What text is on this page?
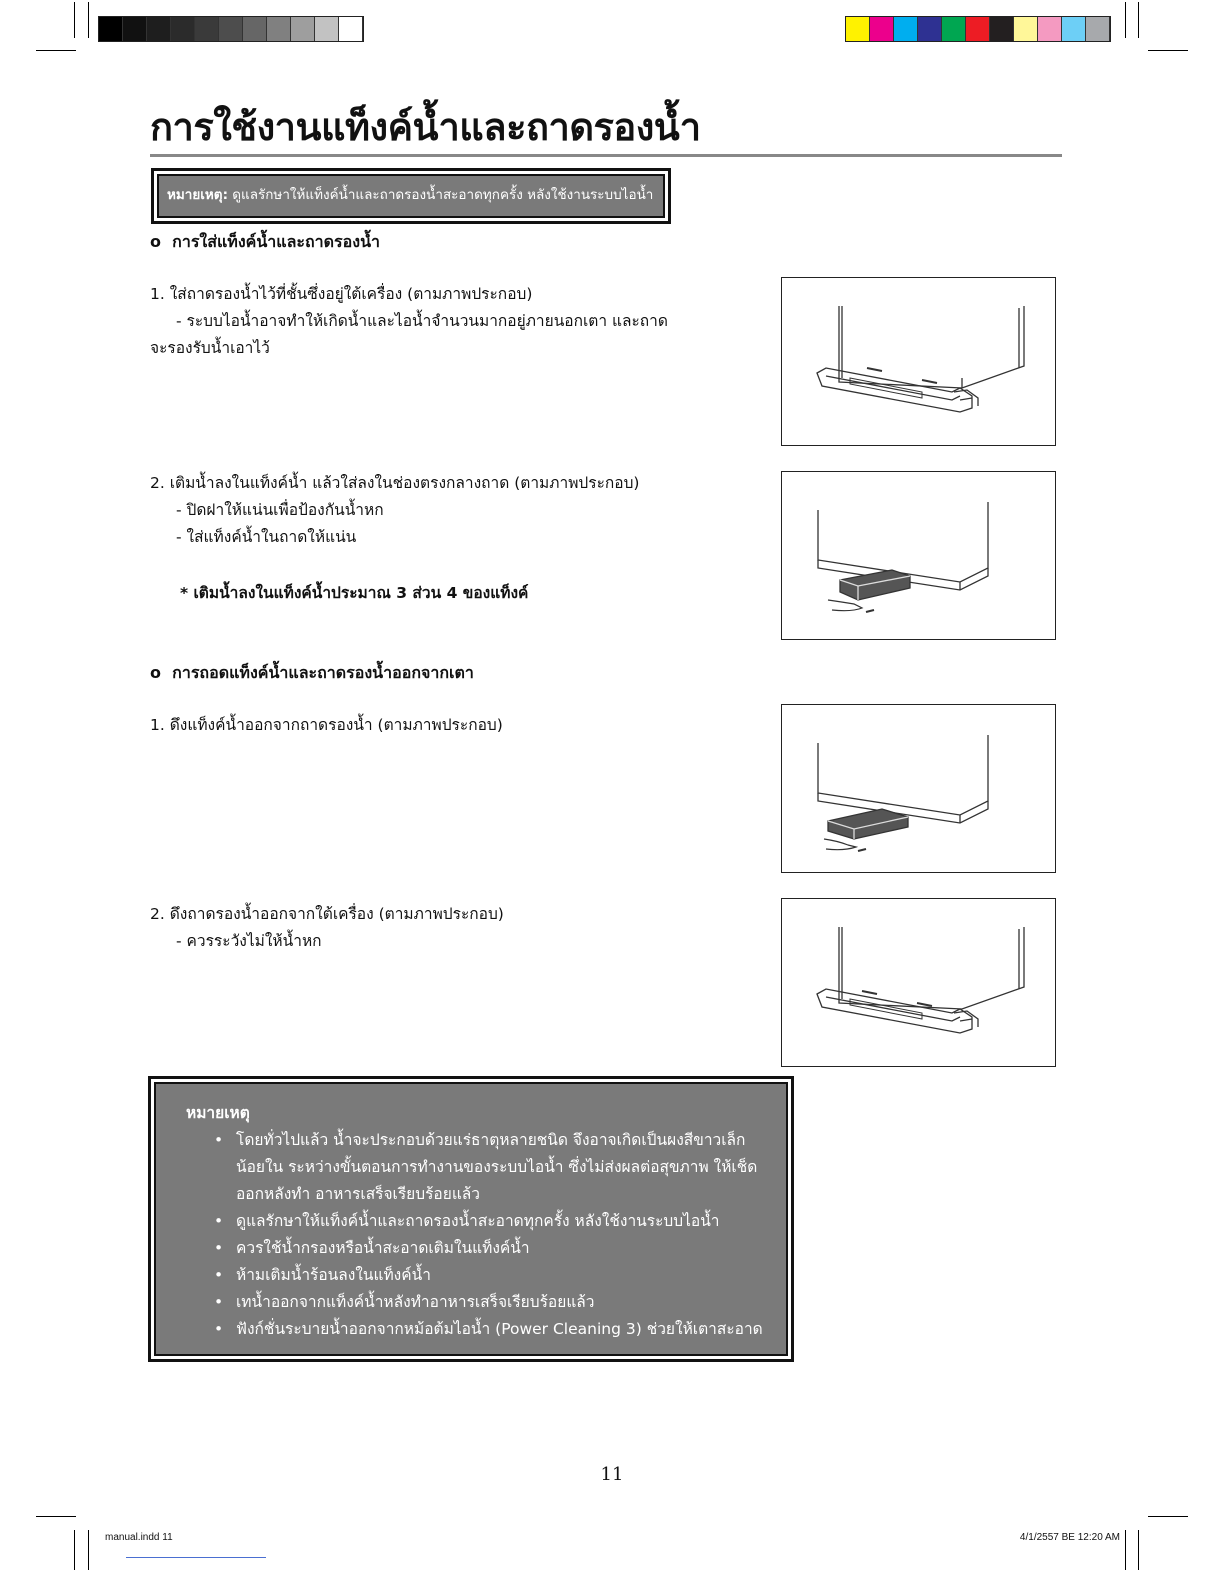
การใช้งานแท็งค์น้ำและถาดรองน้ำ
หมายเหตุ: ดูแลรักษาให้แท็งค์น้ำและถาดรองน้ำสะอาดทุกครั้ง หลังใช้งานระบบไอน้ำ
o  การใส่แท็งค์น้ำและถาดรองน้ำ
1. ใส่ถาดรองน้ำไว้ที่ชั้นซึ่งอยู่ใต้เครื่อง (ตามภาพประกอบ)
- ระบบไอน้ำอาจทำให้เกิดน้ำและไอน้ำจำนวนมากอยู่ภายนอกเตา และถาด
จะรองรับน้ำเอาไว้
2. เติมน้ำลงในแท็งค์น้ำ แล้วใส่ลงในช่องตรงกลางถาด (ตามภาพประกอบ)
- ปิดฝาให้แน่นเพื่อป้องกันน้ำหก
- ใส่แท็งค์น้ำในถาดให้แน่น
* เติมน้ำลงในแท็งค์น้ำประมาณ 3 ส่วน 4 ของแท็งค์
o  การถอดแท็งค์น้ำและถาดรองน้ำออกจากเตา
1. ดึงแท็งค์น้ำออกจากถาดรองน้ำ (ตามภาพประกอบ)
2. ดึงถาดรองน้ำออกจากใต้เครื่อง (ตามภาพประกอบ)
- ควรระวังไม่ให้น้ำหก
หมายเหตุ
• โดยทั่วไปแล้ว น้ำจะประกอบด้วยแร่ธาตุหลายชนิด จึงอาจเกิดเป็นผงสีขาวเล็กน้อยใน ระหว่างขั้นตอนการทำงานของระบบไอน้ำ ซึ่งไม่ส่งผลต่อสุขภาพ ให้เช็ดออกหลังทำ อาหารเสร็จเรียบร้อยแล้ว
• ดูแลรักษาให้แท็งค์น้ำและถาดรองน้ำสะอาดทุกครั้ง หลังใช้งานระบบไอน้ำ
• ควรใช้น้ำกรองหรือน้ำสะอาดเติมในแท็งค์น้ำ
• ห้ามเติมน้ำร้อนลงในแท็งค์น้ำ
• เทน้ำออกจากแท็งค์น้ำหลังทำอาหารเสร็จเรียบร้อยแล้ว
• ฟังก์ชั่นระบายน้ำออกจากหม้อต้มไอน้ำ (Power Cleaning 3) ช่วยให้เตาสะอาด
11
manual.indd 11	4/1/2557 BE 12:20 AM
